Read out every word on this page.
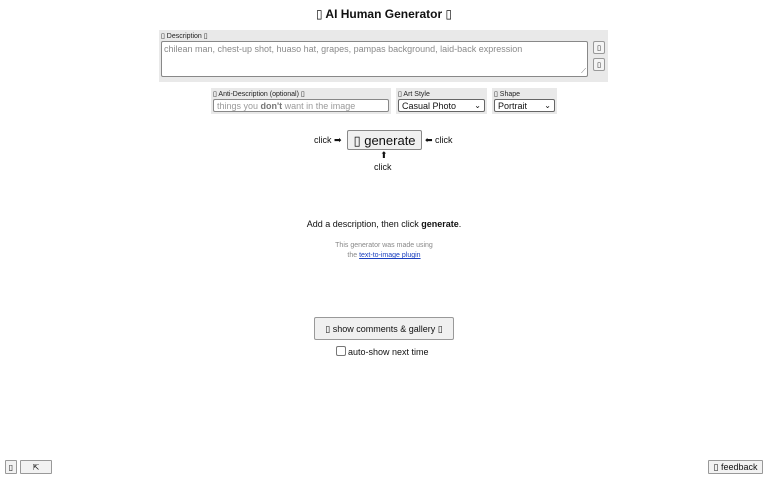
▯ AI Human Generator ▯
▯ Description ▯
chilean man, chest-up shot, huaso hat, grapes, pampas background, laid-back expression
⟋
▯
▯
▯ Anti-Description (optional) ▯
things you don't want in the image
▯ Art Style
Casual Photo ⌄
▯ Shape
Portrait ⌄
click ➡ ▯ generate	⬅ click
⬆
click
Add a description, then click generate.
This generator was made using
the text-to-image plugin
▯ show comments & gallery ▯
auto-show next time
▯	⇱	▯ feedback
